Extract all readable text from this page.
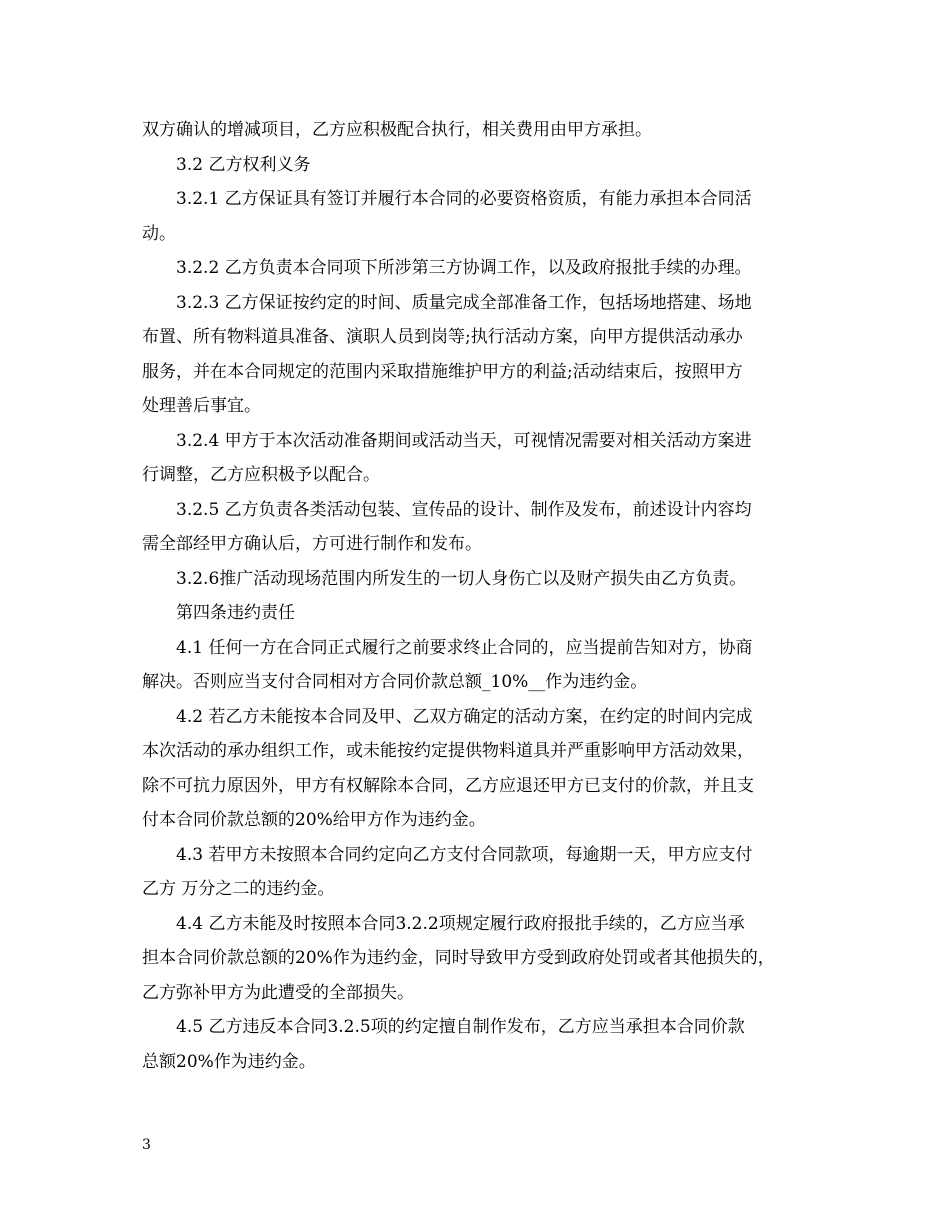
双方确认的增减项目，乙方应积极配合执行，相关费用由甲方承担。

3.2 乙方权利义务

3.2.1 乙方保证具有签订并履行本合同的必要资格资质，有能力承担本合同活
动。

3.2.2 乙方负责本合同项下所涉第三方协调工作，以及政府报批手续的办理。

3.2.3 乙方保证按约定的时间、质量完成全部准备工作，包括场地搭建、场地
布置、所有物料道具准备、演职人员到岗等;执行活动方案，向甲方提供活动承办
服务，并在本合同规定的范围内采取措施维护甲方的利益;活动结束后，按照甲方
处理善后事宜。

3.2.4 甲方于本次活动准备期间或活动当天，可视情况需要对相关活动方案进
行调整，乙方应积极予以配合。

3.2.5 乙方负责各类活动包装、宣传品的设计、制作及发布，前述设计内容均
需全部经甲方确认后，方可进行制作和发布。

3.2.6推广活动现场范围内所发生的一切人身伤亡以及财产损失由乙方负责。

第四条违约责任

4.1 任何一方在合同正式履行之前要求终止合同的，应当提前告知对方，协商
解决。否则应当支付合同相对方合同价款总额_10%__作为违约金。

4.2 若乙方未能按本合同及甲、乙双方确定的活动方案，在约定的时间内完成
本次活动的承办组织工作，或未能按约定提供物料道具并严重影响甲方活动效果，
除不可抗力原因外，甲方有权解除本合同，乙方应退还甲方已支付的价款，并且支
付本合同价款总额的20%给甲方作为违约金。

4.3 若甲方未按照本合同约定向乙方支付合同款项，每逾期一天，甲方应支付
乙方 万分之二的违约金。

4.4 乙方未能及时按照本合同3.2.2项规定履行政府报批手续的，乙方应当承
担本合同价款总额的20%作为违约金，同时导致甲方受到政府处罚或者其他损失的，
乙方弥补甲方为此遭受的全部损失。

4.5 乙方违反本合同3.2.5项的约定擅自制作发布，乙方应当承担本合同价款
总额20%作为违约金。

3
